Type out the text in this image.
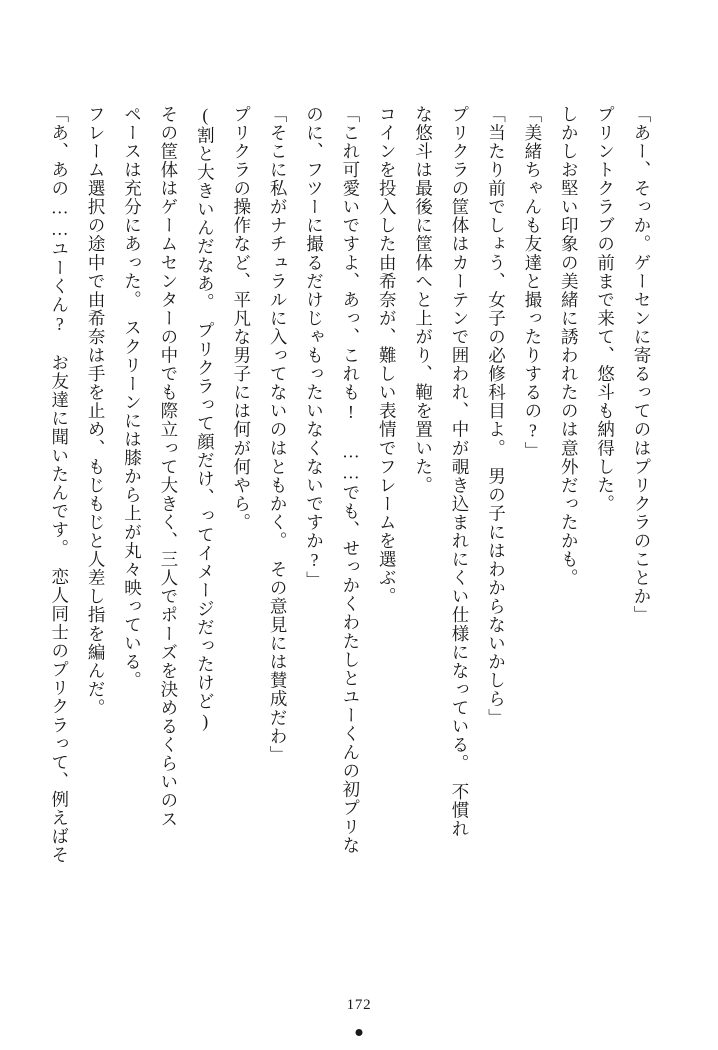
「あー、そっか。ゲーセンに寄るってのはプリクラのことか」

プリントクラブの前まで来て、悠斗も納得した。

しかしお堅い印象の美緒に誘われたのは意外だったかも。

「美緒ちゃんも友達と撮ったりするの?」

「当たり前でしょう、女子の必修科目よ。　男の子にはわからないかしら」

プリクラの筐体はカーテンで囲われ、中が覗き込まれにくい仕様になっている。　不慣れ

な悠斗は最後に筐体へと上がり、鞄を置いた。

コインを投入した由希奈が、難しい表情でフレームを選ぶ。

「これ可愛いですよ、あっ、これも!　……でも、せっかくわたしとユーくんの初プリな

のに、フツーに撮るだけじゃもったいなくないですか?」

「そこに私がナチュラルに入ってないのはともかく。　その意見には賛成だわ」

プリクラの操作など、平凡な男子には何が何やら。

(割と大きいんだなあ。　プリクラって顔だけ、ってイメージだったけど)

その筐体はゲームセンターの中でも際立って大きく、三人でポーズを決めるくらいのス

ペースは充分にあった。　スクリーンには膝から上が丸々映っている。

フレーム選択の途中で由希奈は手を止め、もじもじと人差し指を編んだ。

「あ、あの……ユーくん?　お友達に聞いたんです。　恋人同士のプリクラって、例えばそ

172
